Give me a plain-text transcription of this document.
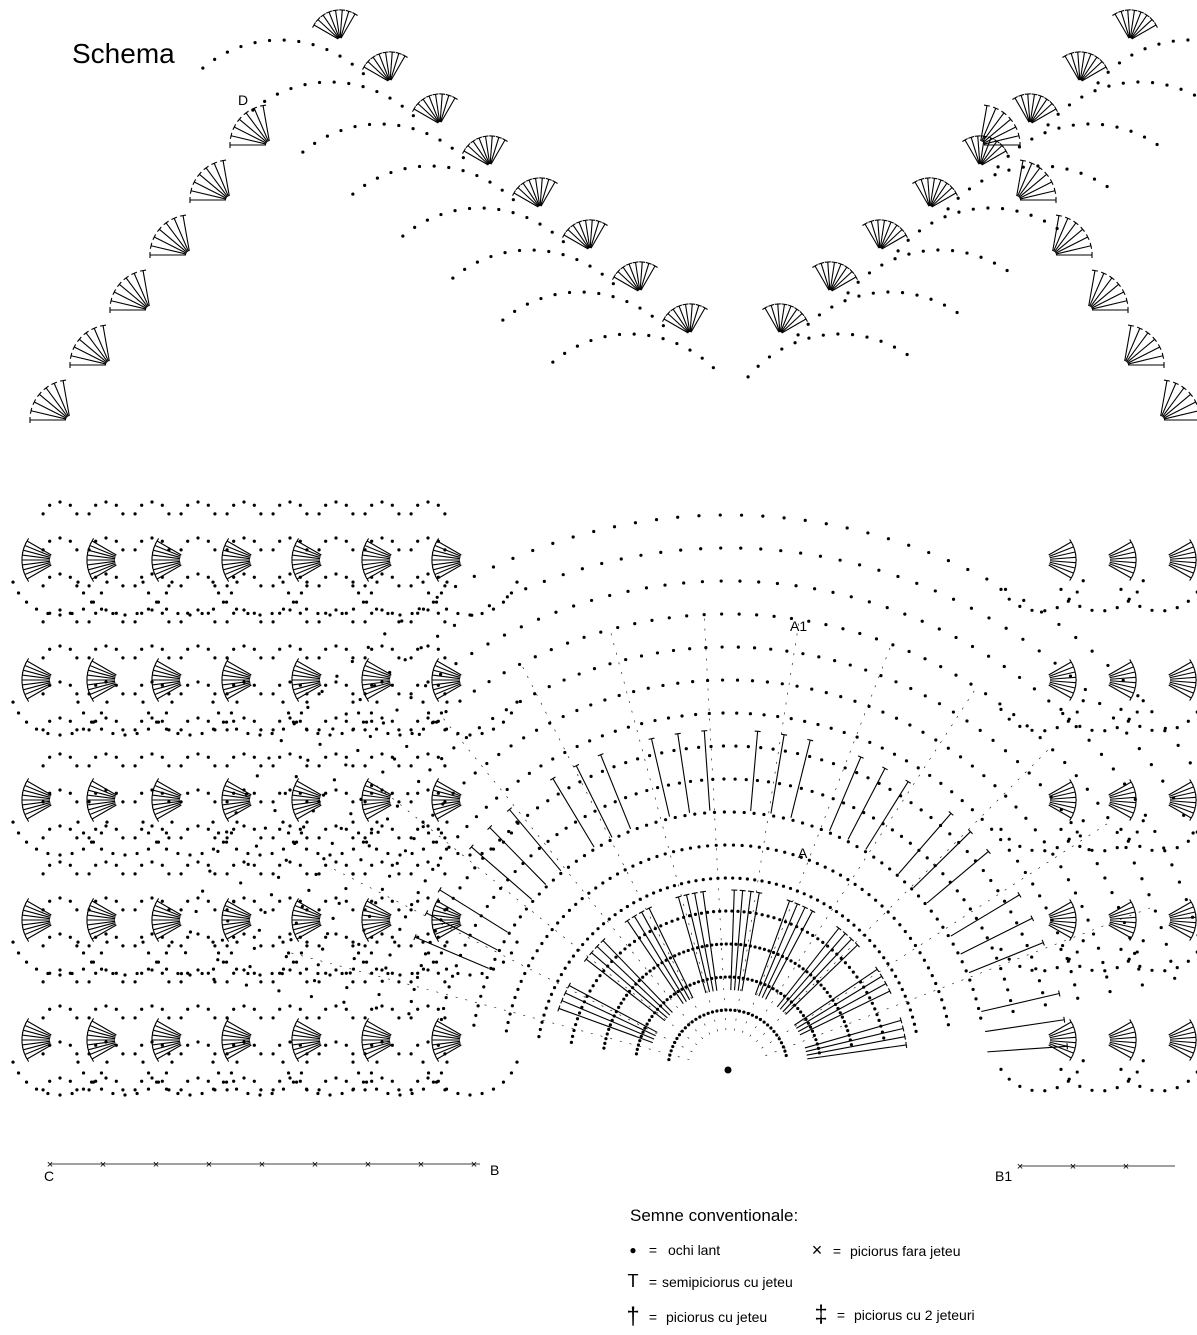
×	×	×	×	×	×	×	×	×	×	×	×
Schema
D
C	B	B1
A1
A
Semne conventionale:
● = ochi lant	× = piciorus fara jeteu
Τ = semipiciorus cu jeteu
† = piciorus cu jeteu ‡ = piciorus cu 2 jeteuri
